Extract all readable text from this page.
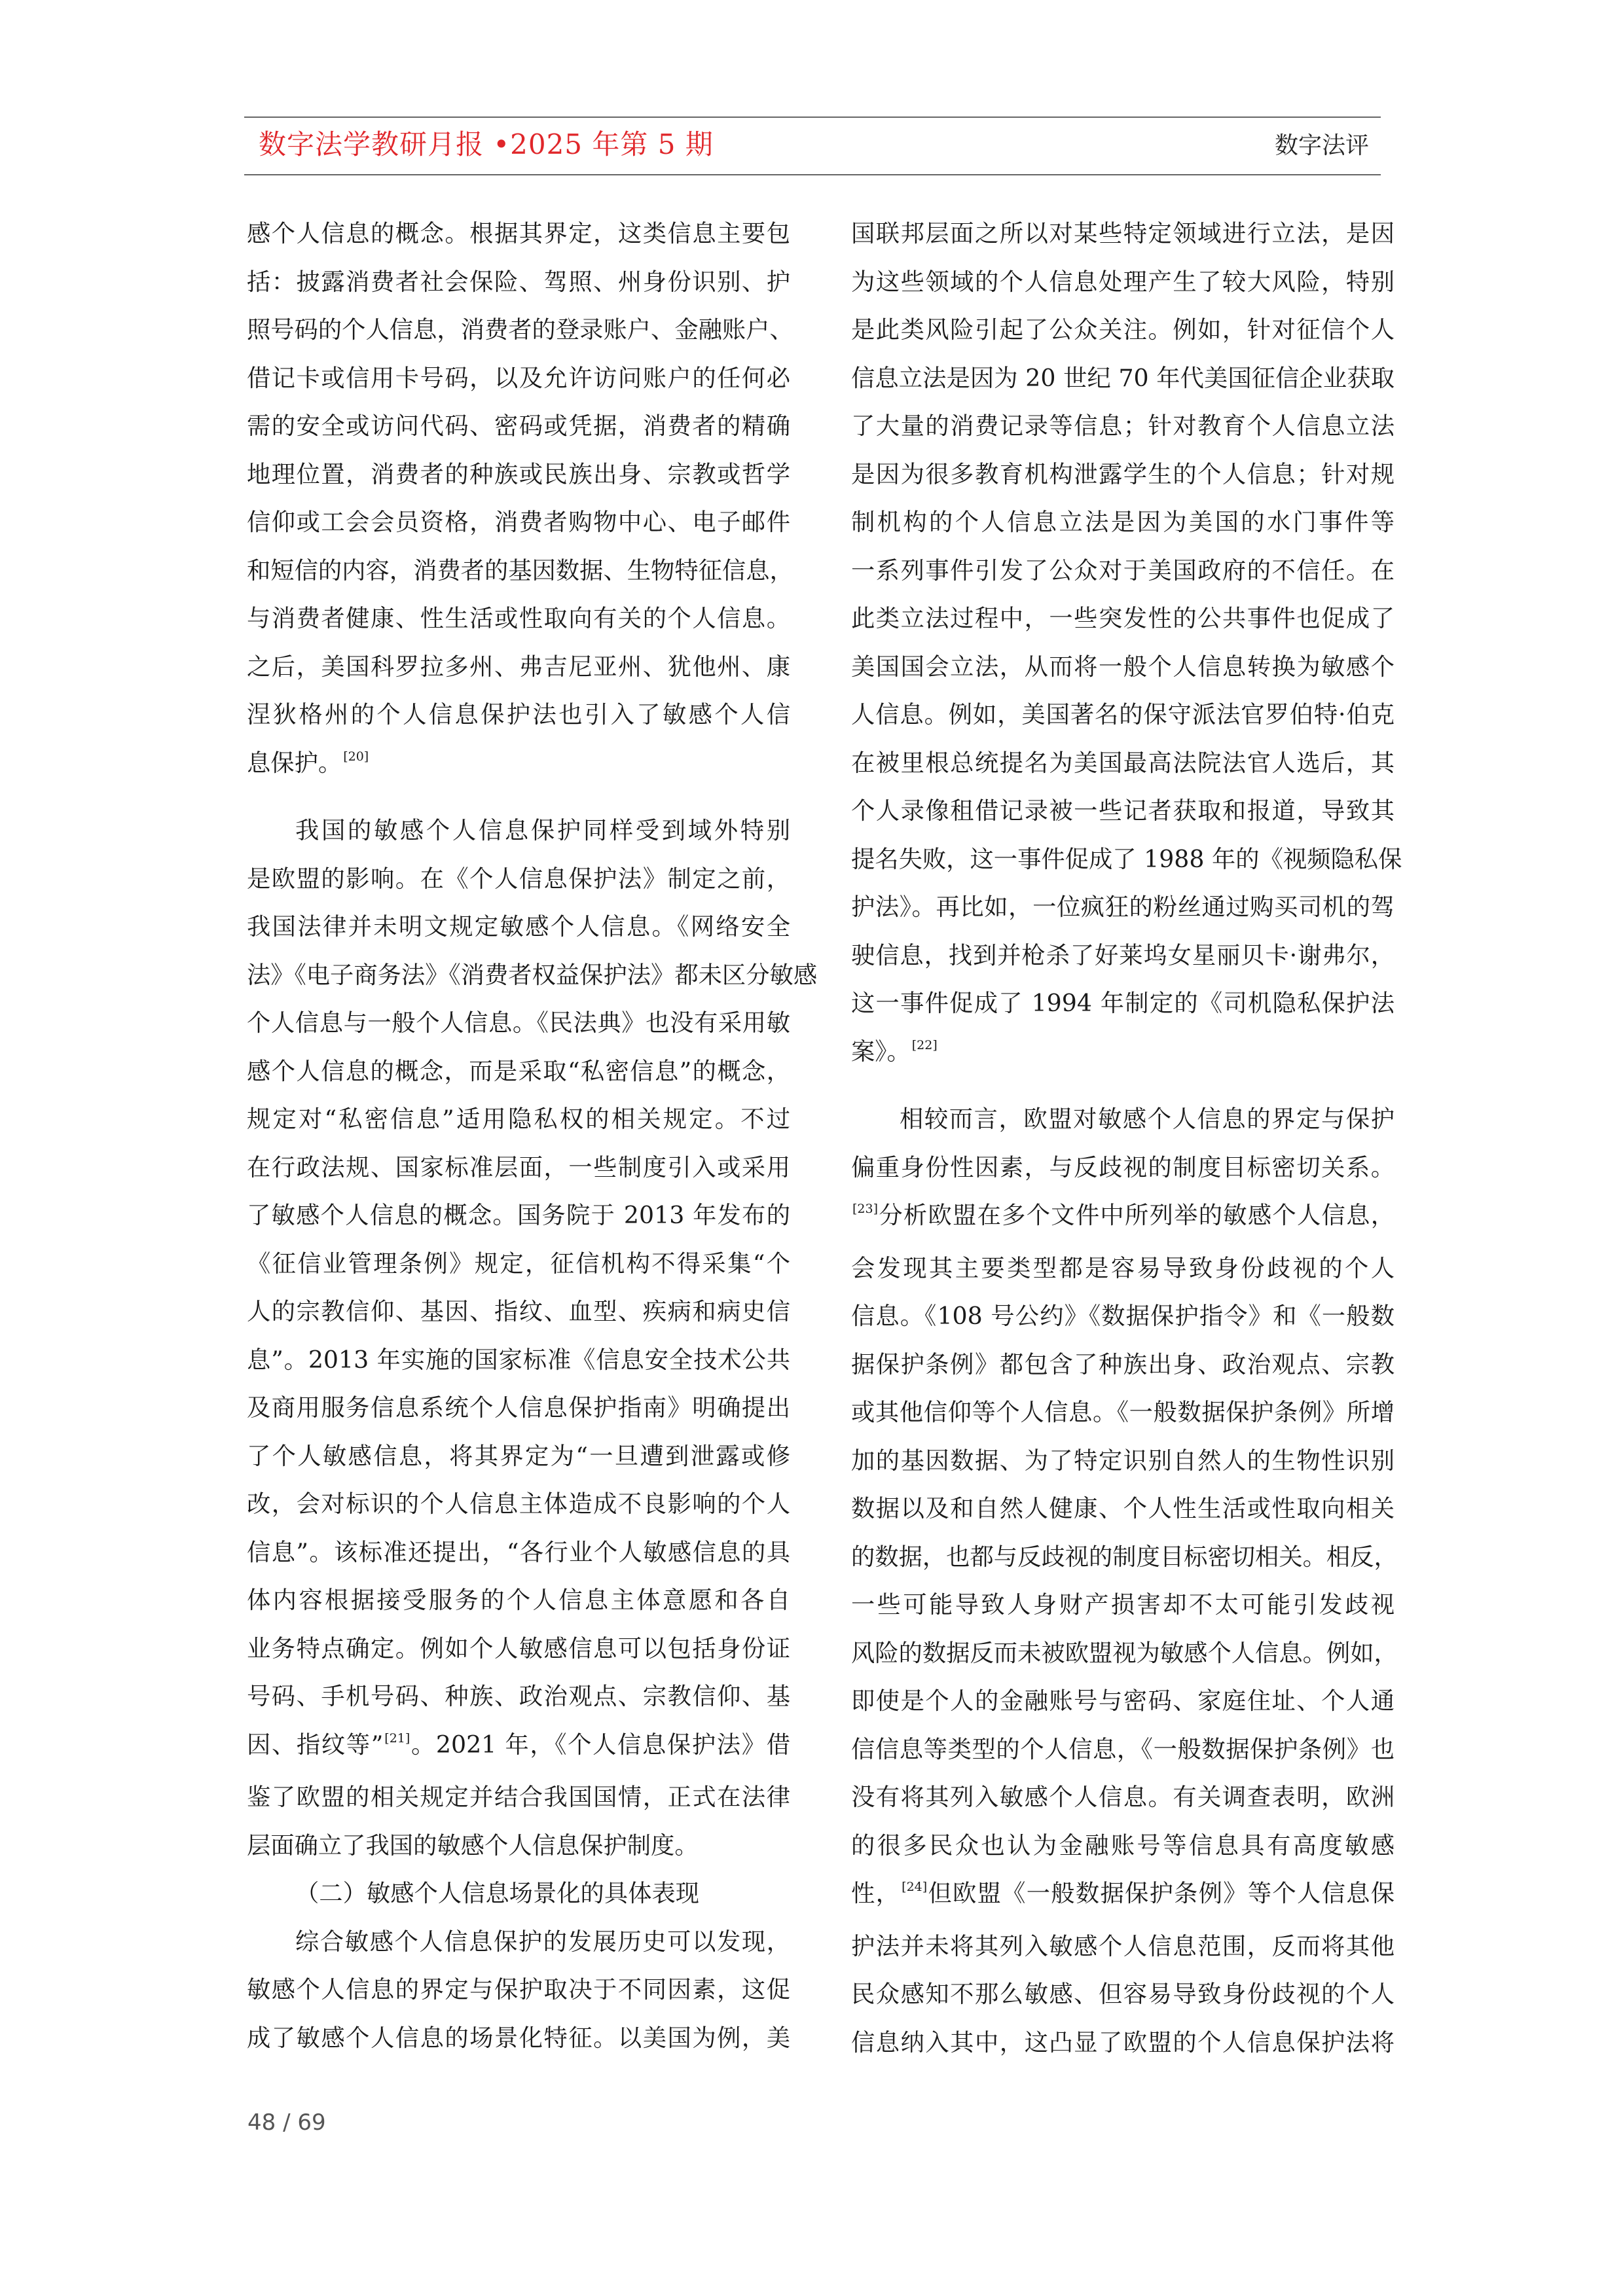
数字法学教研月报 •2025 年第 5 期	数字法评

感个人信息的概念。根据其界定，这类信息主要包
括：披露消费者社会保险、驾照、州身份识别、护
照号码的个人信息，消费者的登录账户、金融账户、
借记卡或信用卡号码，以及允许访问账户的任何必
需的安全或访问代码、密码或凭据，消费者的精确
地理位置，消费者的种族或民族出身、宗教或哲学
信仰或工会会员资格，消费者购物中心、电子邮件
和短信的内容，消费者的基因数据、生物特征信息，
与消费者健康、性生活或性取向有关的个人信息。
之后，美国科罗拉多州、弗吉尼亚州、犹他州、康
涅狄格州的个人信息保护法也引入了敏感个人信
息保护。 [20]

我国的敏感个人信息保护同样受到域外特别
是欧盟的影响。在《个人信息保护法》制定之前，
我国法律并未明文规定敏感个人信息。《网络安全
法》《电子商务法》《消费者权益保护法》都未区分敏感
个人信息与一般个人信息。《民法典》也没有采用敏
感个人信息的概念，而是采取“私密信息”的概念，
规定对“私密信息”适用隐私权的相关规定。不过
在行政法规、国家标准层面，一些制度引入或采用
了敏感个人信息的概念。国务院于 2013 年发布的
《征信业管理条例》规定，征信机构不得采集“个
人的宗教信仰、基因、指纹、血型、疾病和病史信
息”。2013 年实施的国家标准《信息安全技术公共
及商用服务信息系统个人信息保护指南》明确提出
了个人敏感信息，将其界定为“一旦遭到泄露或修
改，会对标识的个人信息主体造成不良影响的个人
信息”。该标准还提出，“各行业个人敏感信息的具
体内容根据接受服务的个人信息主体意愿和各自
业务特点确定。例如个人敏感信息可以包括身份证
号码、手机号码、种族、政治观点、宗教信仰、基
因、指纹等” [21]。2021 年，《个人信息保护法》借
鉴了欧盟的相关规定并结合我国国情，正式在法律
层面确立了我国的敏感个人信息保护制度。

（二）敏感个人信息场景化的具体表现

综合敏感个人信息保护的发展历史可以发现，
敏感个人信息的界定与保护取决于不同因素，这促
成了敏感个人信息的场景化特征。以美国为例，美

国联邦层面之所以对某些特定领域进行立法，是因
为这些领域的个人信息处理产生了较大风险，特别
是此类风险引起了公众关注。例如，针对征信个人
信息立法是因为 20 世纪 70 年代美国征信企业获取
了大量的消费记录等信息；针对教育个人信息立法
是因为很多教育机构泄露学生的个人信息；针对规
制机构的个人信息立法是因为美国的水门事件等
一系列事件引发了公众对于美国政府的不信任。在
此类立法过程中，一些突发性的公共事件也促成了
美国国会立法，从而将一般个人信息转换为敏感个
人信息。例如，美国著名的保守派法官罗伯特·伯克
在被里根总统提名为美国最高法院法官人选后，其
个人录像租借记录被一些记者获取和报道，导致其
提名失败，这一事件促成了 1988 年的《视频隐私保
护法》。再比如，一位疯狂的粉丝通过购买司机的驾
驶信息，找到并枪杀了好莱坞女星丽贝卡·谢弗尔，
这一事件促成了 1994 年制定的《司机隐私保护法
案》。 [22]

相较而言，欧盟对敏感个人信息的界定与保护
偏重身份性因素，与反歧视的制度目标密切关系。
[23]分析欧盟在多个文件中所列举的敏感个人信息，
会发现其主要类型都是容易导致身份歧视的个人
信息。《108 号公约》《数据保护指令》和《一般数
据保护条例》都包含了种族出身、政治观点、宗教
或其他信仰等个人信息。《一般数据保护条例》所增
加的基因数据、为了特定识别自然人的生物性识别
数据以及和自然人健康、个人性生活或性取向相关
的数据，也都与反歧视的制度目标密切相关。相反，
一些可能导致人身财产损害却不太可能引发歧视
风险的数据反而未被欧盟视为敏感个人信息。例如，
即使是个人的金融账号与密码、家庭住址、个人通
信信息等类型的个人信息，《一般数据保护条例》也
没有将其列入敏感个人信息。有关调查表明，欧洲
的很多民众也认为金融账号等信息具有高度敏感
性， [24]但欧盟《一般数据保护条例》等个人信息保
护法并未将其列入敏感个人信息范围，反而将其他
民众感知不那么敏感、但容易导致身份歧视的个人
信息纳入其中，这凸显了欧盟的个人信息保护法将

48 / 69
